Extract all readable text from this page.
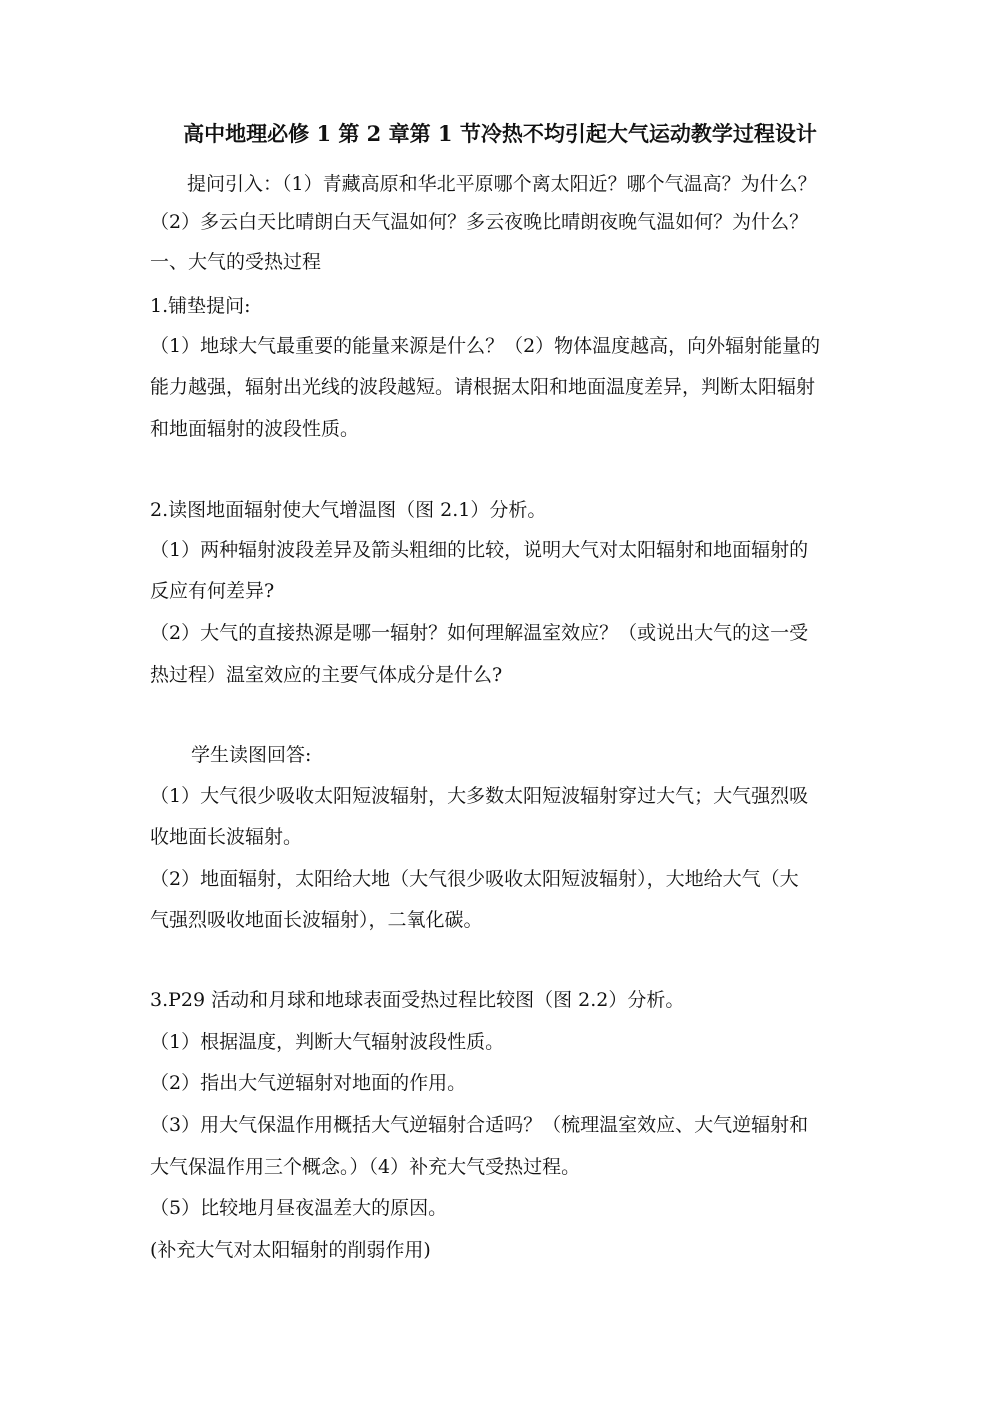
高中地理必修 1 第 2 章第 1 节冷热不均引起大气运动教学过程设计
提问引入：（1）青藏高原和华北平原哪个离太阳近？哪个气温高？为什么？
（2）多云白天比晴朗白天气温如何？多云夜晚比晴朗夜晚气温如何？为什么？
一、大气的受热过程
1.铺垫提问:
（1）地球大气最重要的能量来源是什么？（2）物体温度越高，向外辐射能量的
能力越强，辐射出光线的波段越短。请根据太阳和地面温度差异，判断太阳辐射
和地面辐射的波段性质。
2.读图地面辐射使大气增温图（图 2.1）分析。
（1）两种辐射波段差异及箭头粗细的比较，说明大气对太阳辐射和地面辐射的
反应有何差异?
（2）大气的直接热源是哪一辐射？如何理解温室效应？（或说出大气的这一受
热过程）温室效应的主要气体成分是什么?
学生读图回答:
（1）大气很少吸收太阳短波辐射，大多数太阳短波辐射穿过大气；大气强烈吸
收地面长波辐射。
（2）地面辐射，太阳给大地（大气很少吸收太阳短波辐射），大地给大气（大
气强烈吸收地面长波辐射），二氧化碳。
3.P29 活动和月球和地球表面受热过程比较图（图 2.2）分析。
（1）根据温度，判断大气辐射波段性质。
（2）指出大气逆辐射对地面的作用。
（3）用大气保温作用概括大气逆辐射合适吗？（梳理温室效应、大气逆辐射和
大气保温作用三个概念。）（4）补充大气受热过程。
（5）比较地月昼夜温差大的原因。
(补充大气对太阳辐射的削弱作用)
